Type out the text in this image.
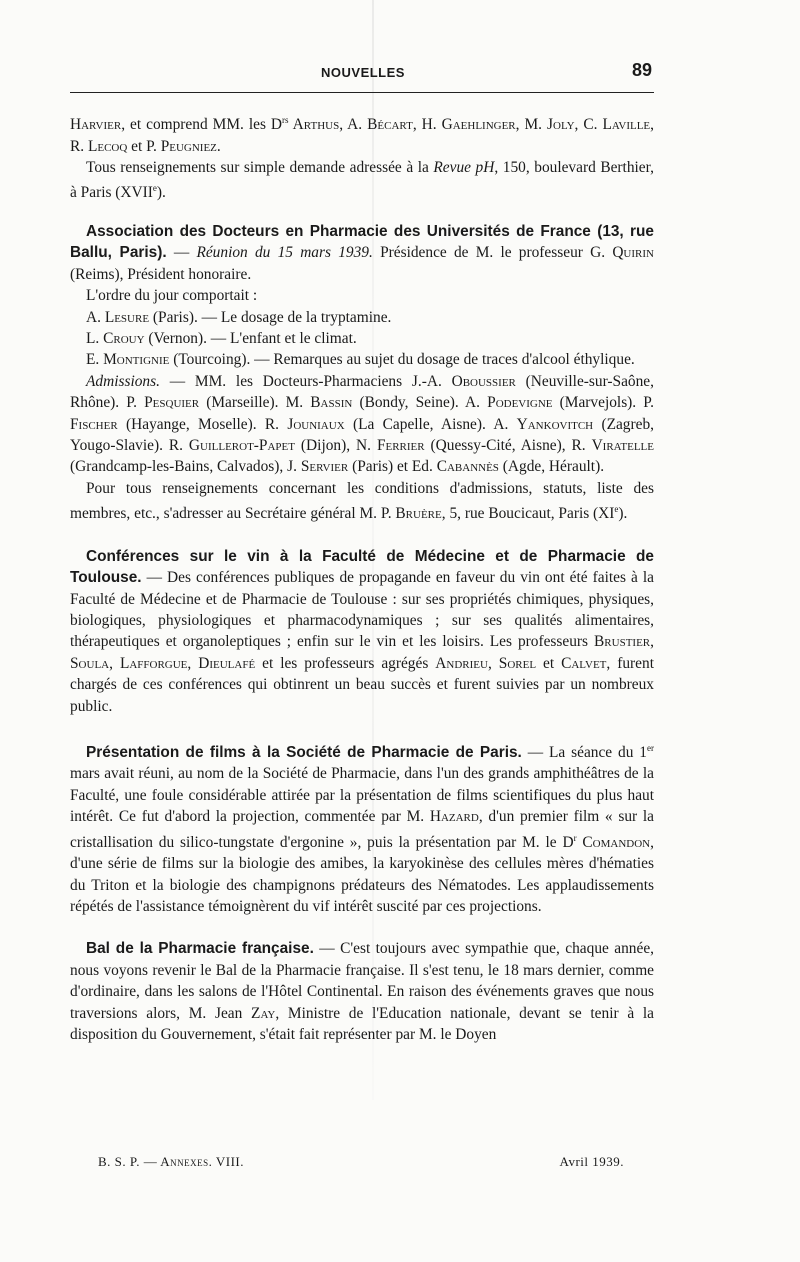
NOUVELLES	89

Harvier, et comprend MM. les $D^{rs}$ Arthus, A. Bécart, H. Gaehlinger, M. Joly, C. Laville, R. Lecoq et P. Peugniez.

Tous renseignements sur simple demande adressée à la Revue pH, 150, boulevard Berthier, à Paris (XVIIe).

Association des Docteurs en Pharmacie des Universités de France (13, rue Ballu, Paris). — Réunion du 15 mars 1939. Présidence de M. le professeur G. Quirin (Reims), Président honoraire.

L'ordre du jour comportait :

A. Lesure (Paris). — Le dosage de la tryptamine.

L. Crouy (Vernon). — L'enfant et le climat.

E. Montignie (Tourcoing). — Remarques au sujet du dosage de traces d'alcool éthylique.

Admissions. — MM. les Docteurs-Pharmaciens J.-A. Oboussier (Neuville-sur-Saône, Rhône). P. Pesquier (Marseille). M. Bassin (Bondy, Seine). A. Podevigne (Marvejols). P. Fischer (Hayange, Moselle). R. Jouniaux (La Capelle, Aisne). A. Yankovitch (Zagreb, Yougo-Slavie). R. Guillerot-Papet (Dijon), N. Ferrier (Quessy-Cité, Aisne), R. Viratelle (Grandcamp-les-Bains, Calvados), J. Servier (Paris) et Ed. Cabannès (Agde, Hérault).

Pour tous renseignements concernant les conditions d'admissions, statuts, liste des membres, etc., s'adresser au Secrétaire général M. P. Bruère, 5, rue Boucicaut, Paris (XIe).

Conférences sur le vin à la Faculté de Médecine et de Pharmacie de Toulouse. — Des conférences publiques de propagande en faveur du vin ont été faites à la Faculté de Médecine et de Pharmacie de Toulouse : sur ses propriétés chimiques, physiques, biologiques, physiologiques et pharmacodynamiques ; sur ses qualités alimentaires, thérapeutiques et organoleptiques ; enfin sur le vin et les loisirs. Les professeurs Brustier, Soula, Lafforgue, Dieulafé et les professeurs agrégés Andrieu, Sorel et Calvet, furent chargés de ces conférences qui obtinrent un beau succès et furent suivies par un nombreux public.

Présentation de films à la Société de Pharmacie de Paris. — La séance du 1er mars avait réuni, au nom de la Société de Pharmacie, dans l'un des grands amphithéâtres de la Faculté, une foule considérable attirée par la présentation de films scientifiques du plus haut intérêt. Ce fut d'abord la projection, commentée par M. Hazard, d'un premier film « sur la cristallisation du silico-tungstate d'ergonine », puis la présentation par M. le $D^r$ Comandon, d'une série de films sur la biologie des amibes, la karyokinèse des cellules mères d'hématies du Triton et la biologie des champignons prédateurs des Nématodes. Les applaudissements répétés de l'assistance témoignèrent du vif intérêt suscité par ces projections.

Bal de la Pharmacie française. — C'est toujours avec sympathie que, chaque année, nous voyons revenir le Bal de la Pharmacie française. Il s'est tenu, le 18 mars dernier, comme d'ordinaire, dans les salons de l'Hôtel Continental. En raison des événements graves que nous traversions alors, M. Jean Zay, Ministre de l'Education nationale, devant se tenir à la disposition du Gouvernement, s'était fait représenter par M. le Doyen

B. S. P. — Annexes. VIII.	Avril 1939.
